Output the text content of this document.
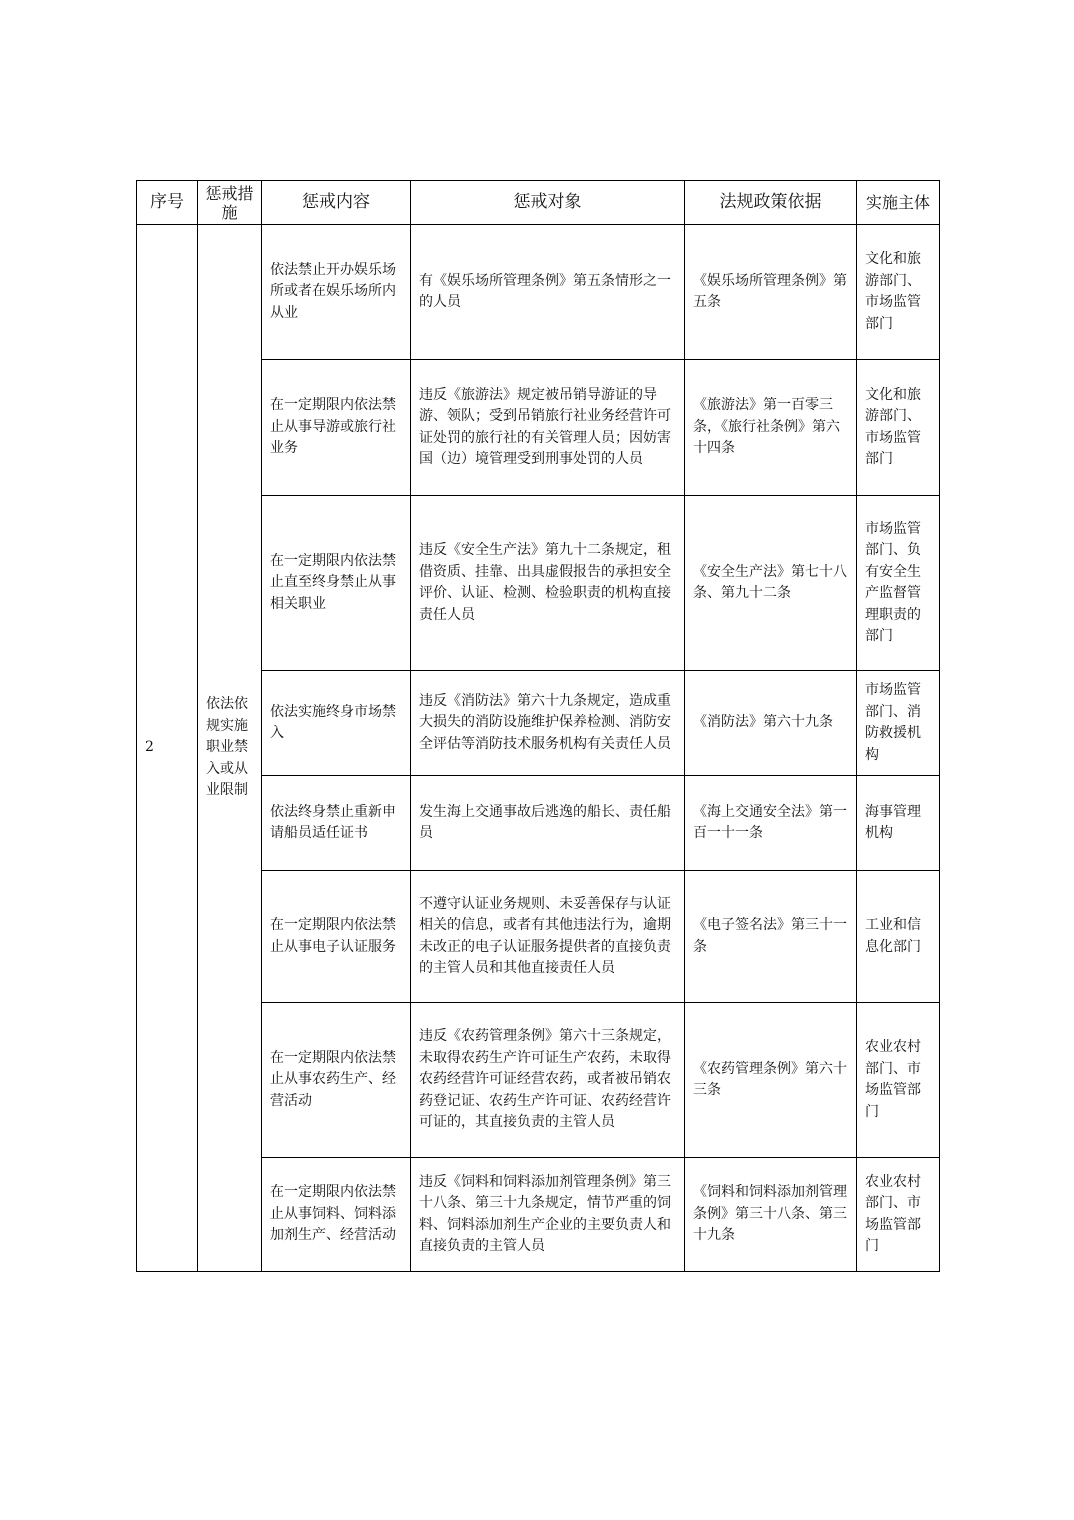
序号	惩戒措施	惩戒内容	惩戒对象	法规政策依据	实施主体
2	依法依规实施职业禁入或从业限制	依法禁止开办娱乐场所或者在娱乐场所内从业	有《娱乐场所管理条例》第五条情形之一的人员	《娱乐场所管理条例》第五条	文化和旅游部门、市场监管部门
		在一定期限内依法禁止从事导游或旅行社业务	违反《旅游法》规定被吊销导游证的导游、领队；受到吊销旅行社业务经营许可证处罚的旅行社的有关管理人员；因妨害国（边）境管理受到刑事处罚的人员	《旅游法》第一百零三条，《旅行社条例》第六十四条	文化和旅游部门、市场监管部门
		在一定期限内依法禁止直至终身禁止从事相关职业	违反《安全生产法》第九十二条规定，租借资质、挂靠、出具虚假报告的承担安全评价、认证、检测、检验职责的机构直接责任人员	《安全生产法》第七十八条、第九十二条	市场监管部门、负有安全生产监督管理职责的部门
		依法实施终身市场禁入	违反《消防法》第六十九条规定，造成重大损失的消防设施维护保养检测、消防安全评估等消防技术服务机构有关责任人员	《消防法》第六十九条	市场监管部门、消防救援机构
		依法终身禁止重新申请船员适任证书	发生海上交通事故后逃逸的船长、责任船员	《海上交通安全法》第一百一十一条	海事管理机构
		在一定期限内依法禁止从事电子认证服务	不遵守认证业务规则、未妥善保存与认证相关的信息，或者有其他违法行为，逾期未改正的电子认证服务提供者的直接负责的主管人员和其他直接责任人员	《电子签名法》第三十一条	工业和信息化部门
		在一定期限内依法禁止从事农药生产、经营活动	违反《农药管理条例》第六十三条规定，未取得农药生产许可证生产农药，未取得农药经营许可证经营农药，或者被吊销农药登记证、农药生产许可证、农药经营许可证的，其直接负责的主管人员	《农药管理条例》第六十三条	农业农村部门、市场监管部门
		在一定期限内依法禁止从事饲料、饲料添加剂生产、经营活动	违反《饲料和饲料添加剂管理条例》第三十八条、第三十九条规定，情节严重的饲料、饲料添加剂生产企业的主要负责人和直接负责的主管人员	《饲料和饲料添加剂管理条例》第三十八条、第三十九条	农业农村部门、市场监管部门
